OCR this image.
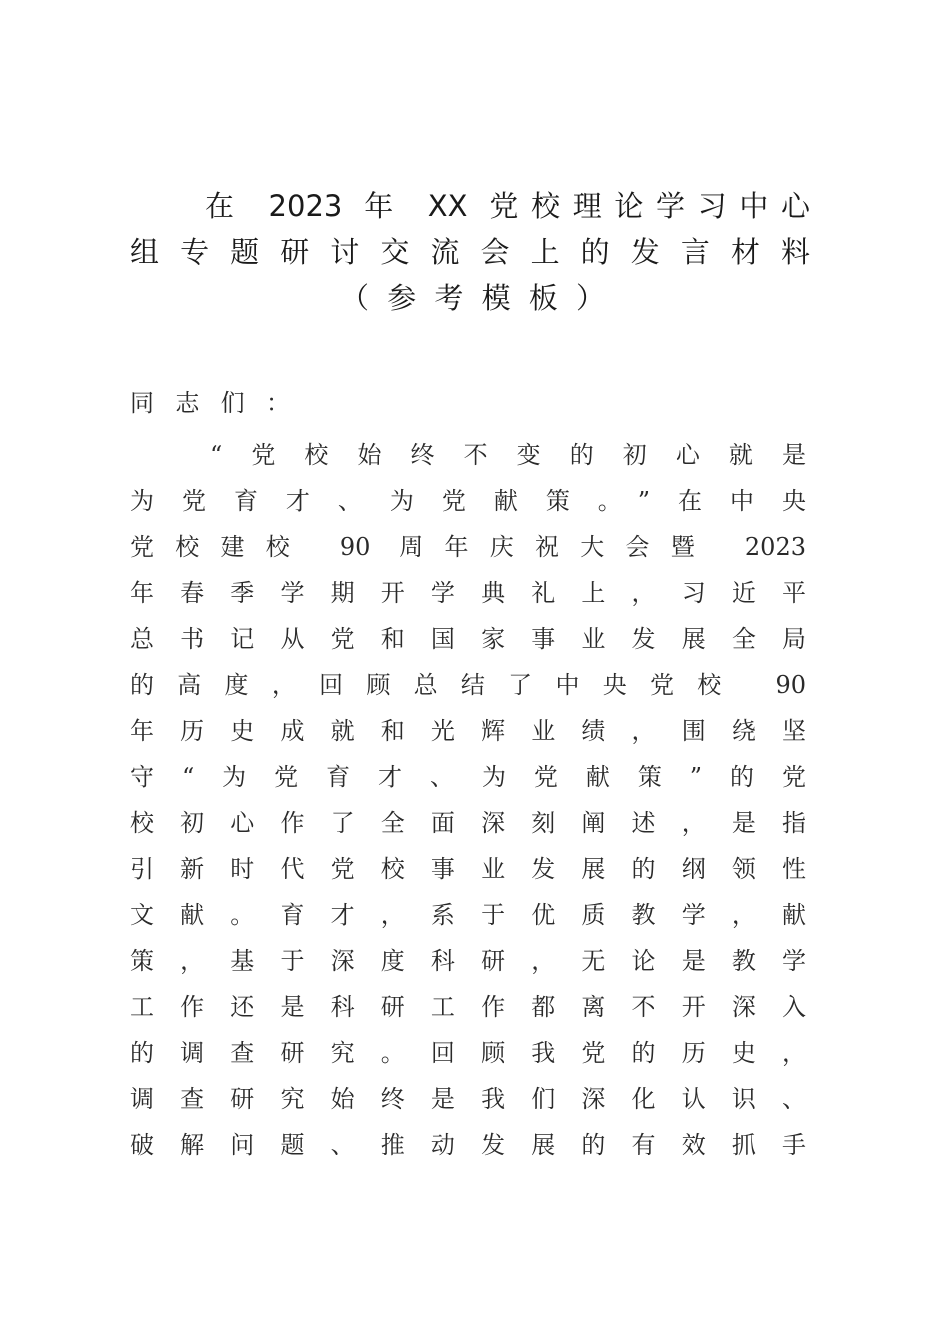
在 2023 年 XX 党校理论学习中心
组专题研讨交流会上的发言材料
（参考模板）
同志们：
“党校始终不变的初心就是
为党育才、为党献策。”在中央
党校建校 90 周年庆祝大会暨 2023
年春季学期开学典礼上，习近平
总书记从党和国家事业发展全局
的高度，回顾总结了中央党校 90
年历史成就和光辉业绩，围绕坚
守“为党育才、为党献策”的党
校初心作了全面深刻阐述，是指
引新时代党校事业发展的纲领性
文献。育才，系于优质教学，献
策，基于深度科研，无论是教学
工作还是科研工作都离不开深入
的调查研究。回顾我党的历史，
调查研究始终是我们深化认识、
破解问题、推动发展的有效抓手
